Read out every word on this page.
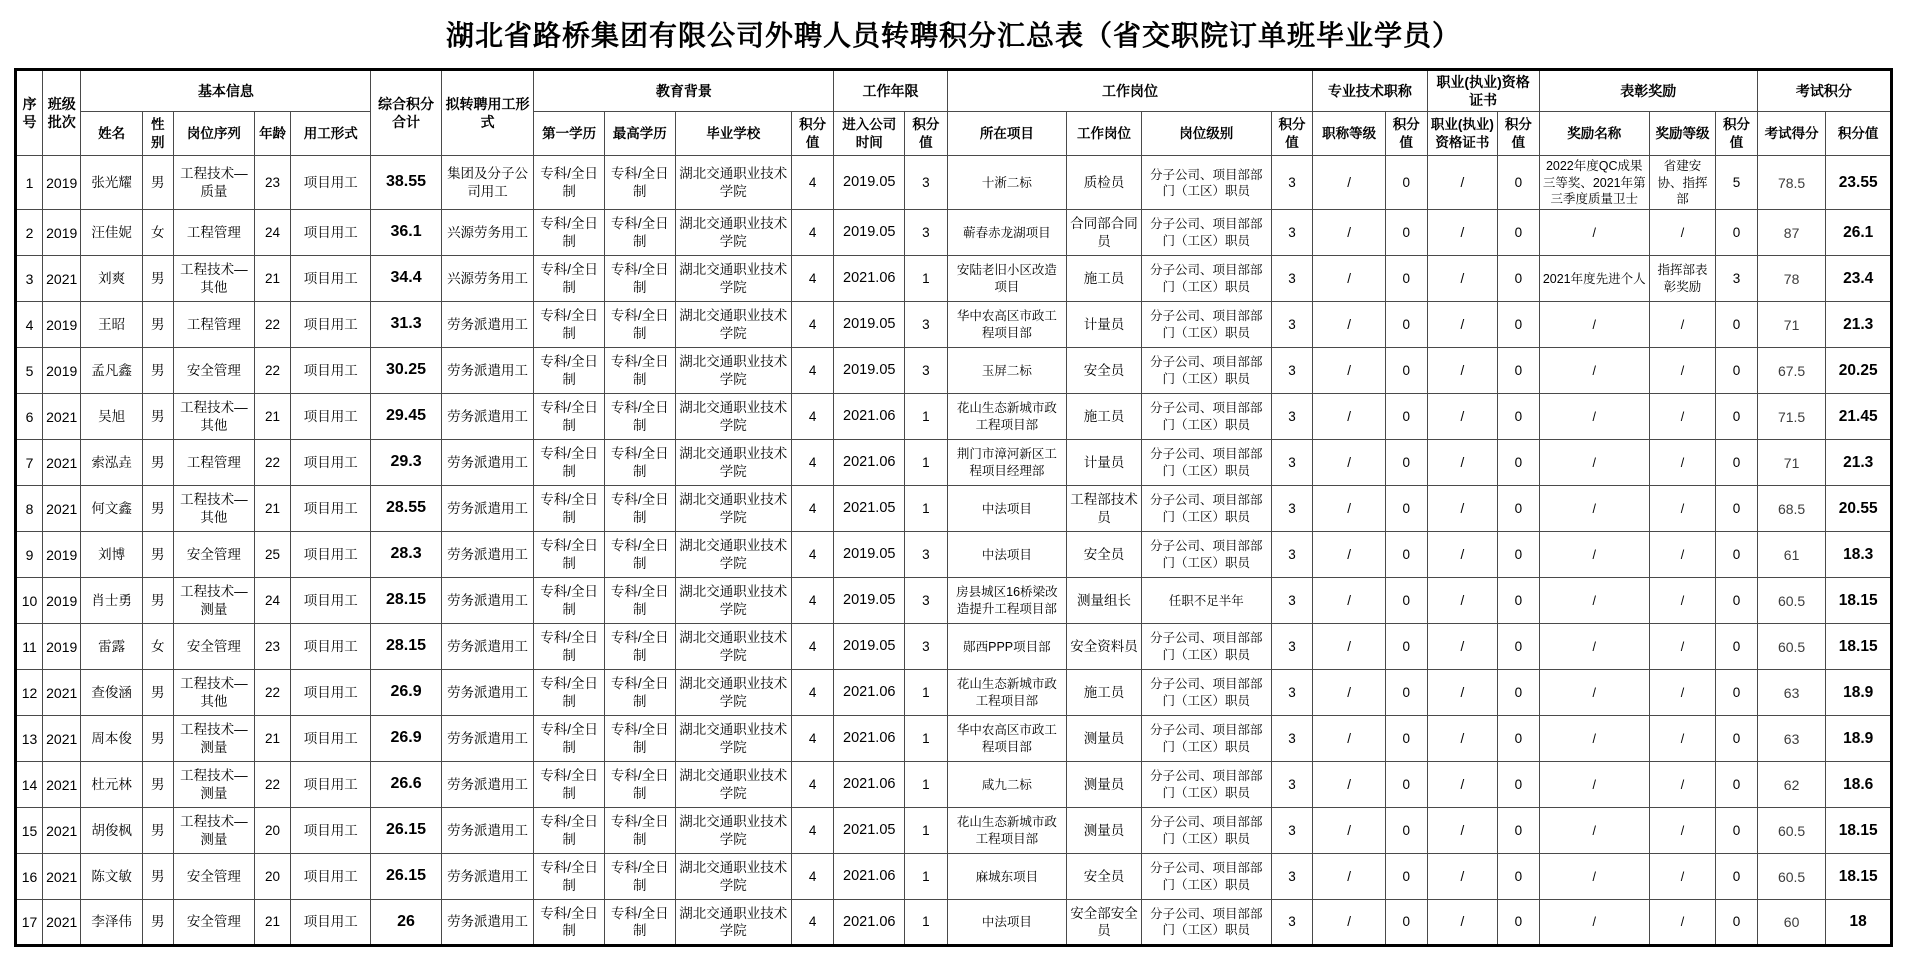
湖北省路桥集团有限公司外聘人员转聘积分汇总表（省交职院订单班毕业学员）
序号	班级批次	基本信息					综合积分合计	拟转聘用工形式	教育背景				工作年限		工作岗位				专业技术职称		职业(执业)资格证书		表彰奖励			考试积分	
		姓名	性别	岗位序列	年龄	用工形式			第一学历	最高学历	毕业学校	积分值	进入公司时间	积分值	所在项目	工作岗位	岗位级别	积分值	职称等级	积分值	职业(执业)资格证书	积分值	奖励名称	奖励等级	积分值	考试得分	积分值
1	2019	张光耀	男	工程技术—质量	23	项目用工	38.55	集团及分子公司用工	专科/全日制	专科/全日制	湖北交通职业技术学院	4	2019.05	3	十淅二标	质检员	分子公司、项目部部门（工区）职员	3	/	0	/	0	2022年度QC成果三等奖、2021年第三季度质量卫士	省建安协、指挥部	5	78.5	23.55
2	2019	汪佳妮	女	工程管理	24	项目用工	36.1	兴源劳务用工	专科/全日制	专科/全日制	湖北交通职业技术学院	4	2019.05	3	蕲春赤龙湖项目	合同部合同员	分子公司、项目部部门（工区）职员	3	/	0	/	0	/	/	0	87	26.1
3	2021	刘爽	男	工程技术—其他	21	项目用工	34.4	兴源劳务用工	专科/全日制	专科/全日制	湖北交通职业技术学院	4	2021.06	1	安陆老旧小区改造项目	施工员	分子公司、项目部部门（工区）职员	3	/	0	/	0	2021年度先进个人	指挥部表彰奖励	3	78	23.4
4	2019	王昭	男	工程管理	22	项目用工	31.3	劳务派遣用工	专科/全日制	专科/全日制	湖北交通职业技术学院	4	2019.05	3	华中农高区市政工程项目部	计量员	分子公司、项目部部门（工区）职员	3	/	0	/	0	/	/	0	71	21.3
5	2019	孟凡鑫	男	安全管理	22	项目用工	30.25	劳务派遣用工	专科/全日制	专科/全日制	湖北交通职业技术学院	4	2019.05	3	玉屏二标	安全员	分子公司、项目部部门（工区）职员	3	/	0	/	0	/	/	0	67.5	20.25
6	2021	吴旭	男	工程技术—其他	21	项目用工	29.45	劳务派遣用工	专科/全日制	专科/全日制	湖北交通职业技术学院	4	2021.06	1	花山生态新城市政工程项目部	施工员	分子公司、项目部部门（工区）职员	3	/	0	/	0	/	/	0	71.5	21.45
7	2021	索泓垚	男	工程管理	22	项目用工	29.3	劳务派遣用工	专科/全日制	专科/全日制	湖北交通职业技术学院	4	2021.06	1	荆门市漳河新区工程项目经理部	计量员	分子公司、项目部部门（工区）职员	3	/	0	/	0	/	/	0	71	21.3
8	2021	何文鑫	男	工程技术—其他	21	项目用工	28.55	劳务派遣用工	专科/全日制	专科/全日制	湖北交通职业技术学院	4	2021.05	1	中法项目	工程部技术员	分子公司、项目部部门（工区）职员	3	/	0	/	0	/	/	0	68.5	20.55
9	2019	刘博	男	安全管理	25	项目用工	28.3	劳务派遣用工	专科/全日制	专科/全日制	湖北交通职业技术学院	4	2019.05	3	中法项目	安全员	分子公司、项目部部门（工区）职员	3	/	0	/	0	/	/	0	61	18.3
10	2019	肖士勇	男	工程技术—测量	24	项目用工	28.15	劳务派遣用工	专科/全日制	专科/全日制	湖北交通职业技术学院	4	2019.05	3	房县城区16桥梁改造提升工程项目部	测量组长	任职不足半年	3	/	0	/	0	/	/	0	60.5	18.15
11	2019	雷露	女	安全管理	23	项目用工	28.15	劳务派遣用工	专科/全日制	专科/全日制	湖北交通职业技术学院	4	2019.05	3	郧西PPP项目部	安全资料员	分子公司、项目部部门（工区）职员	3	/	0	/	0	/	/	0	60.5	18.15
12	2021	查俊涵	男	工程技术—其他	22	项目用工	26.9	劳务派遣用工	专科/全日制	专科/全日制	湖北交通职业技术学院	4	2021.06	1	花山生态新城市政工程项目部	施工员	分子公司、项目部部门（工区）职员	3	/	0	/	0	/	/	0	63	18.9
13	2021	周本俊	男	工程技术—测量	21	项目用工	26.9	劳务派遣用工	专科/全日制	专科/全日制	湖北交通职业技术学院	4	2021.06	1	华中农高区市政工程项目部	测量员	分子公司、项目部部门（工区）职员	3	/	0	/	0	/	/	0	63	18.9
14	2021	杜元林	男	工程技术—测量	22	项目用工	26.6	劳务派遣用工	专科/全日制	专科/全日制	湖北交通职业技术学院	4	2021.06	1	咸九二标	测量员	分子公司、项目部部门（工区）职员	3	/	0	/	0	/	/	0	62	18.6
15	2021	胡俊枫	男	工程技术—测量	20	项目用工	26.15	劳务派遣用工	专科/全日制	专科/全日制	湖北交通职业技术学院	4	2021.05	1	花山生态新城市政工程项目部	测量员	分子公司、项目部部门（工区）职员	3	/	0	/	0	/	/	0	60.5	18.15
16	2021	陈文敏	男	安全管理	20	项目用工	26.15	劳务派遣用工	专科/全日制	专科/全日制	湖北交通职业技术学院	4	2021.06	1	麻城东项目	安全员	分子公司、项目部部门（工区）职员	3	/	0	/	0	/	/	0	60.5	18.15
17	2021	李泽伟	男	安全管理	21	项目用工	26	劳务派遣用工	专科/全日制	专科/全日制	湖北交通职业技术学院	4	2021.06	1	中法项目	安全部安全员	分子公司、项目部部门（工区）职员	3	/	0	/	0	/	/	0	60	18
